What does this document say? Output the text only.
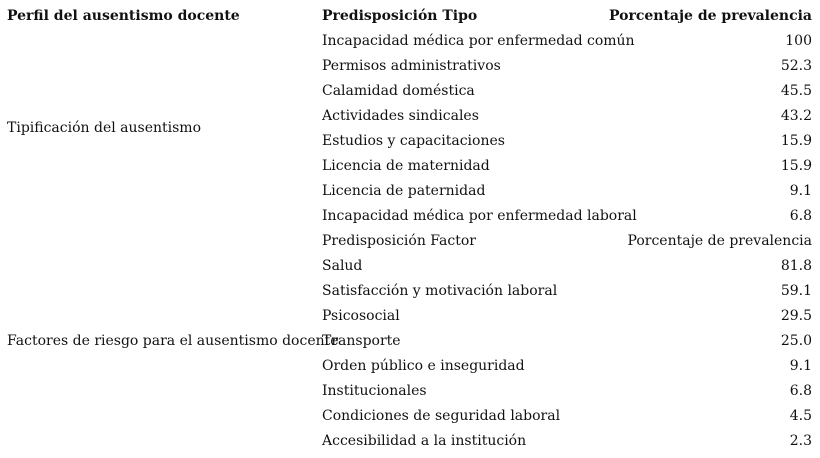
Perfil del ausentismo docente	Predisposición Tipo	Porcentaje de prevalencia
Tipificación del ausentismo
Incapacidad médica por enfermedad común	100
Permisos administrativos	52.3
Calamidad doméstica	45.5
Actividades sindicales	43.2
Estudios y capacitaciones	15.9
Licencia de maternidad	15.9
Licencia de paternidad	9.1
Incapacidad médica por enfermedad laboral	6.8
Factores de riesgo para el ausentismo docente
Predisposición Factor	Porcentaje de prevalencia
Salud	81.8
Satisfacción y motivación laboral	59.1
Psicosocial	29.5
Transporte	25.0
Orden público e inseguridad	9.1
Institucionales	6.8
Condiciones de seguridad laboral	4.5
Accesibilidad a la institución	2.3
